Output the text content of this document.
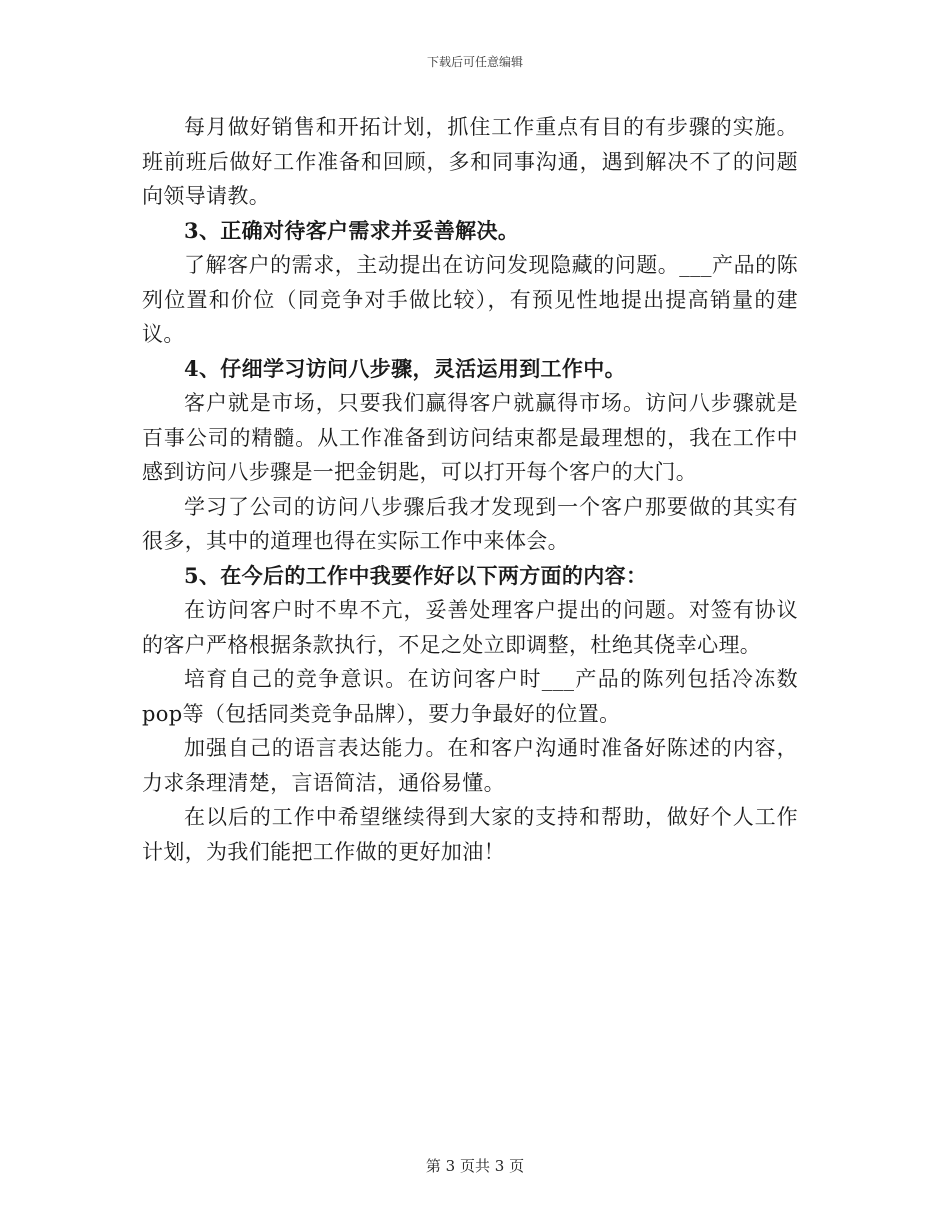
下载后可任意编辑

每月做好销售和开拓计划，抓住工作重点有目的有步骤的实施。班前班后做好工作准备和回顾，多和同事沟通，遇到解决不了的问题向领导请教。

3、正确对待客户需求并妥善解决。

了解客户的需求，主动提出在访问发现隐藏的问题。___产品的陈列位置和价位（同竞争对手做比较），有预见性地提出提高销量的建议。

4、仔细学习访问八步骤，灵活运用到工作中。

客户就是市场，只要我们赢得客户就赢得市场。访问八步骤就是百事公司的精髓。从工作准备到访问结束都是最理想的，我在工作中感到访问八步骤是一把金钥匙，可以打开每个客户的大门。

学习了公司的访问八步骤后我才发现到一个客户那要做的其实有很多，其中的道理也得在实际工作中来体会。

5、在今后的工作中我要作好以下两方面的内容：

在访问客户时不卑不亢，妥善处理客户提出的问题。对签有协议的客户严格根据条款执行，不足之处立即调整，杜绝其侥幸心理。

培育自己的竞争意识。在访问客户时___产品的陈列包括冷冻数pop等（包括同类竞争品牌），要力争最好的位置。

加强自己的语言表达能力。在和客户沟通时准备好陈述的内容，力求条理清楚，言语简洁，通俗易懂。

在以后的工作中希望继续得到大家的支持和帮助，做好个人工作计划，为我们能把工作做的更好加油！

第 3 页共 3 页
